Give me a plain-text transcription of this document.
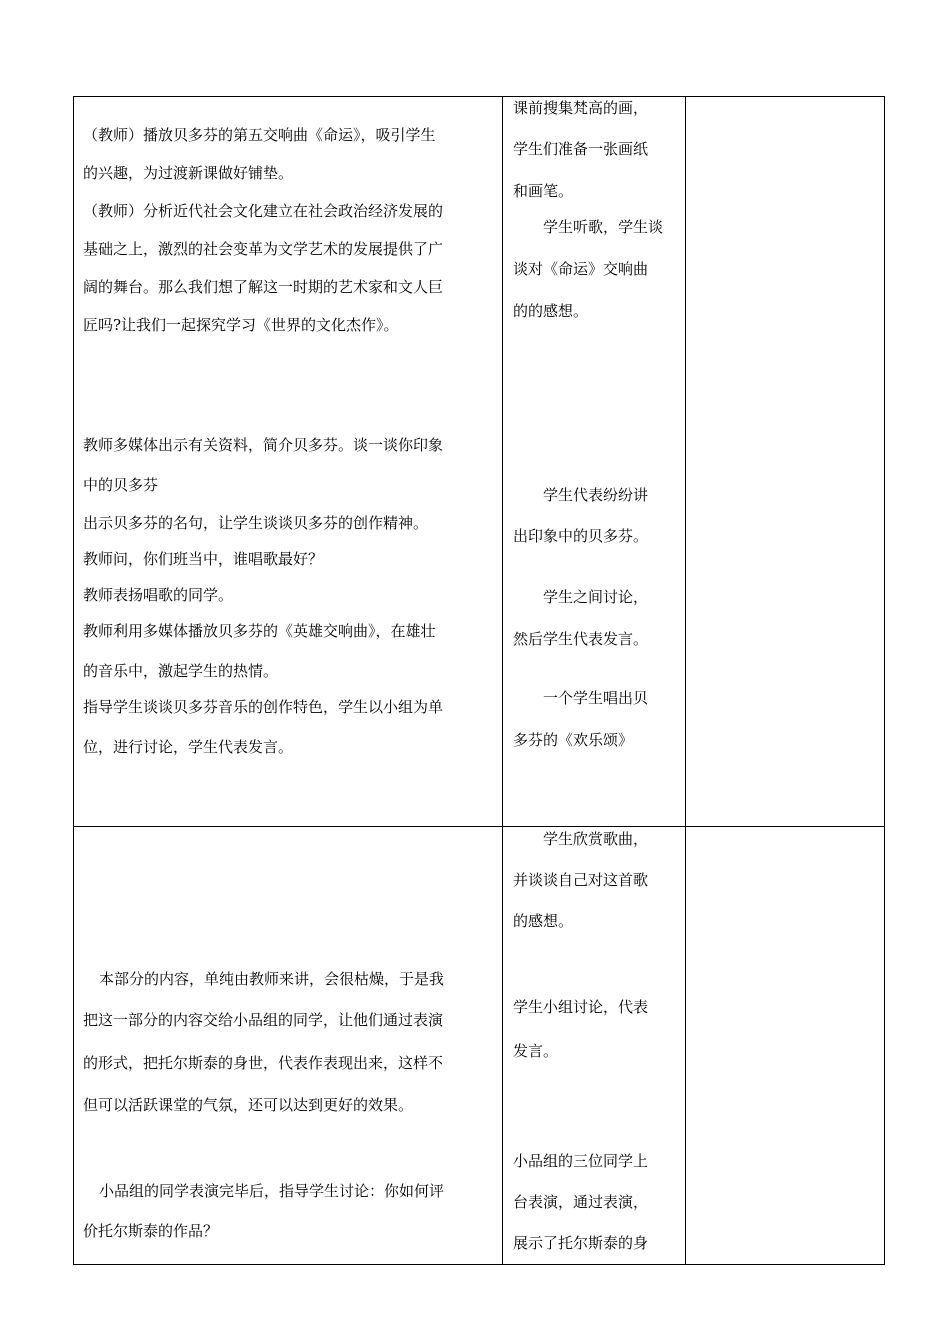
（教师）播放贝多芬的第五交响曲《命运》，吸引学生

的兴趣，为过渡新课做好铺垫。

（教师）分析近代社会文化建立在社会政治经济发展的

基础之上，激烈的社会变革为文学艺术的发展提供了广

阔的舞台。那么我们想了解这一时期的艺术家和文人巨

匠吗?让我们一起探究学习《世界的文化杰作》。

教师多媒体出示有关资料，简介贝多芬。谈一谈你印象

中的贝多芬

出示贝多芬的名句，让学生谈谈贝多芬的创作精神。

教师问，你们班当中，谁唱歌最好？

教师表扬唱歌的同学。

教师利用多媒体播放贝多芬的《英雄交响曲》，在雄壮

的音乐中，激起学生的热情。

指导学生谈谈贝多芬音乐的创作特色，学生以小组为单

位，进行讨论，学生代表发言。

课前搜集梵高的画，

学生们准备一张画纸

和画笔。

学生听歌，学生谈

谈对《命运》交响曲

的的感想。

学生代表纷纷讲

出印象中的贝多芬。

学生之间讨论，

然后学生代表发言。

一个学生唱出贝

多芬的《欢乐颂》

本部分的内容，单纯由教师来讲，会很枯燥，于是我

把这一部分的内容交给小品组的同学，让他们通过表演

的形式，把托尔斯泰的身世，代表作表现出来，这样不

但可以活跃课堂的气氛，还可以达到更好的效果。

小品组的同学表演完毕后，指导学生讨论：你如何评

价托尔斯泰的作品？

学生欣赏歌曲，

并谈谈自己对这首歌

的感想。

学生小组讨论，代表

发言。

小品组的三位同学上

台表演，通过表演，

展示了托尔斯泰的身
